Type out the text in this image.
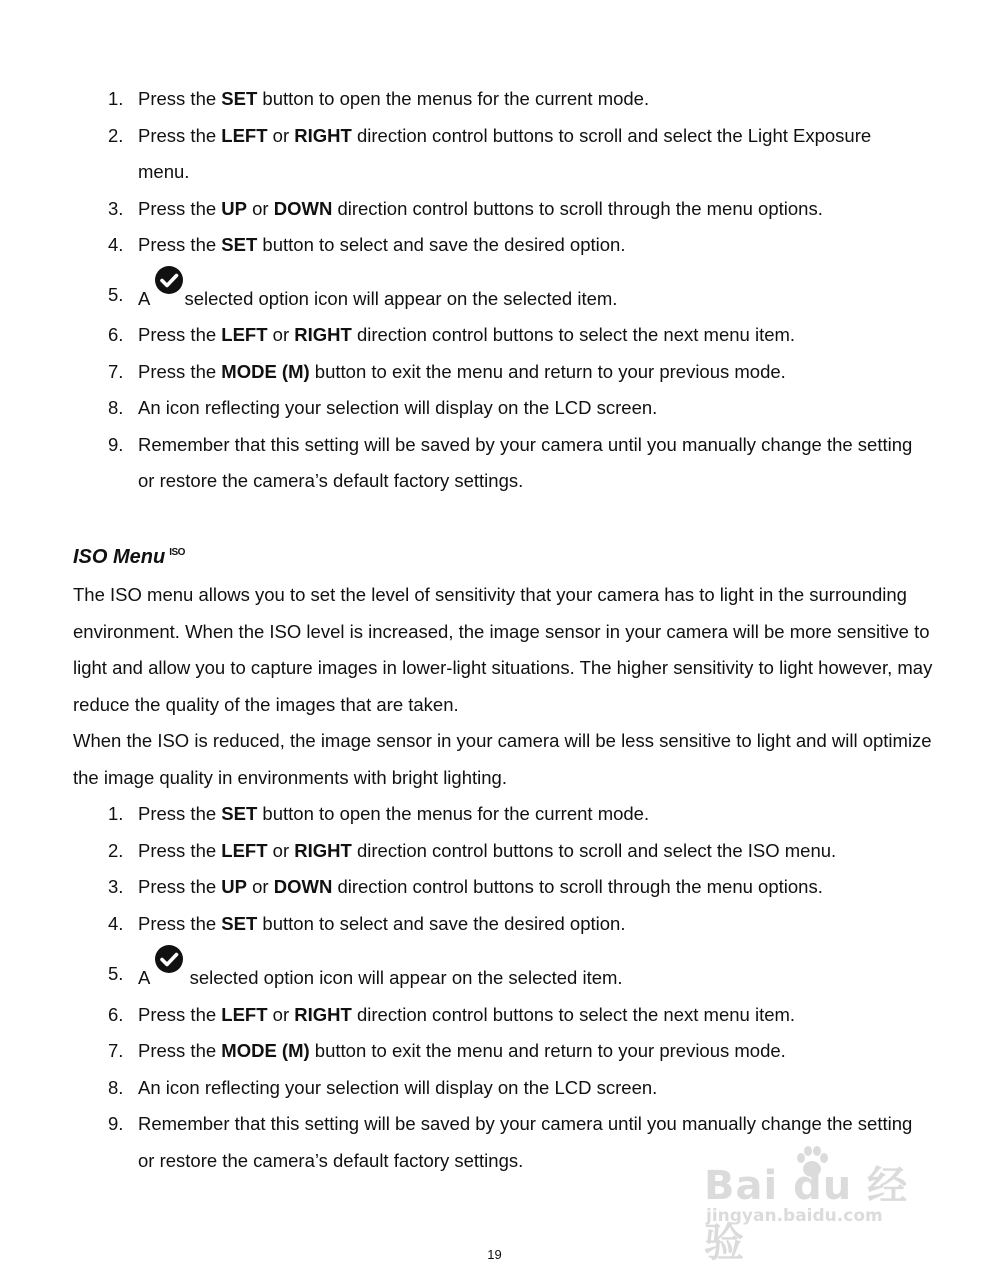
1. Press the SET button to open the menus for the current mode.
2. Press the LEFT or RIGHT direction control buttons to scroll and select the Light Exposure menu.
3. Press the UP or DOWN direction control buttons to scroll through the menu options.
4. Press the SET button to select and save the desired option.
5. A
selected option icon will appear on the selected item.
6. Press the LEFT or RIGHT direction control buttons to select the next menu item.
7. Press the MODE (M) button to exit the menu and return to your previous mode.
8. An icon reflecting your selection will display on the LCD screen.
9. Remember that this setting will be saved by your camera until you manually change the setting or restore the camera’s default factory settings.
ISO Menu ISO

The ISO menu allows you to set the level of sensitivity that your camera has to light in the surrounding environment. When the ISO level is increased, the image sensor in your camera will be more sensitive to light and allow you to capture images in lower-light situations. The higher sensitivity to light however, may reduce the quality of the images that are taken.

When the ISO is reduced, the image sensor in your camera will be less sensitive to light and will optimize the image quality in environments with bright lighting.

1. Press the SET button to open the menus for the current mode.
2. Press the LEFT or RIGHT direction control buttons to scroll and select the ISO menu.
3. Press the UP or DOWN direction control buttons to scroll through the menu options.
4. Press the SET button to select and save the desired option.
5. A
selected option icon will appear on the selected item.
6. Press the LEFT or RIGHT direction control buttons to select the next menu item.
7. Press the MODE (M) button to exit the menu and return to your previous mode.
8. An icon reflecting your selection will display on the LCD screen.
9. Remember that this setting will be saved by your camera until you manually change the setting or restore the camera’s default factory settings.
19
Bai du 经验
jingyan.baidu.com
